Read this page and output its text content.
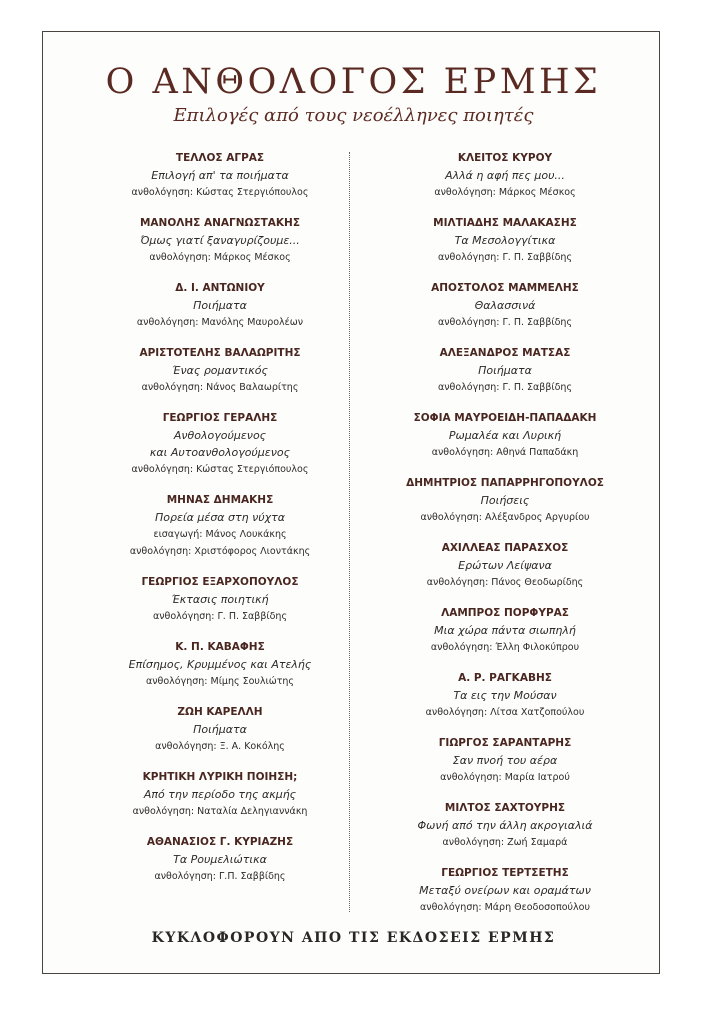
Ο ΑΝΘΟΛΟΓΟΣ ΕΡΜΗΣ
Επιλογές από τους νεοέλληνες ποιητές
ΤΕΛΛΟΣ ΑΓΡΑΣ
Επιλογή απ' τα ποιήματα
ανθολόγηση: Κώστας Στεργιόπουλος
ΜΑΝΟΛΗΣ ΑΝΑΓΝΩΣΤΑΚΗΣ
Όμως γιατί ξαναγυρίζουμε...
ανθολόγηση: Μάρκος Μέσκος
Δ. Ι. ΑΝΤΩΝΙΟΥ
Ποιήματα
ανθολόγηση: Μανόλης Μαυρολέων
ΑΡΙΣΤΟΤΕΛΗΣ ΒΑΛΑΩΡΙΤΗΣ
Ένας ρομαντικός
ανθολόγηση: Νάνος Βαλαωρίτης
ΓΕΩΡΓΙΟΣ ΓΕΡΑΛΗΣ
Ανθολογούμενος
και Αυτοανθολογούμενος
ανθολόγηση: Κώστας Στεργιόπουλος
ΜΗΝΑΣ ΔΗΜΑΚΗΣ
Πορεία μέσα στη νύχτα
εισαγωγή: Μάνος Λουκάκης
ανθολόγηση: Χριστόφορος Λιοντάκης
ΓΕΩΡΓΙΟΣ ΕΞΑΡΧΟΠΟΥΛΟΣ
Έκτασις ποιητική
ανθολόγηση: Γ. Π. Σαββίδης
Κ. Π. ΚΑΒΑΦΗΣ
Επίσημος, Κρυμμένος και Ατελής
ανθολόγηση: Μίμης Σουλιώτης
ΖΩΗ ΚΑΡΕΛΛΗ
Ποιήματα
ανθολόγηση: Ξ. Α. Κοκόλης
ΚΡΗΤΙΚΗ ΛΥΡΙΚΗ ΠΟΙΗΣΗ;
Από την περίοδο της ακμής
ανθολόγηση: Ναταλία Δεληγιαννάκη
ΑΘΑΝΑΣΙΟΣ Γ. ΚΥΡΙΑΖΗΣ
Τα Ρουμελιώτικα
ανθολόγηση: Γ.Π. Σαββίδης
ΚΛΕΙΤΟΣ ΚΥΡΟΥ
Αλλά η αφή πες μου...
ανθολόγηση: Μάρκος Μέσκος
ΜΙΛΤΙΑΔΗΣ ΜΑΛΑΚΑΣΗΣ
Τα Μεσολογγίτικα
ανθολόγηση: Γ. Π. Σαββίδης
ΑΠΟΣΤΟΛΟΣ ΜΑΜΜΕΛΗΣ
Θαλασσινά
ανθολόγηση: Γ. Π. Σαββίδης
ΑΛΕΞΑΝΔΡΟΣ ΜΑΤΣΑΣ
Ποιήματα
ανθολόγηση: Γ. Π. Σαββίδης
ΣΟΦΙΑ ΜΑΥΡΟΕΙΔΗ-ΠΑΠΑΔΑΚΗ
Ρωμαλέα και Λυρική
ανθολόγηση: Αθηνά Παπαδάκη
ΔΗΜΗΤΡΙΟΣ ΠΑΠΑΡΡΗΓΟΠΟΥΛΟΣ
Ποιήσεις
ανθολόγηση: Αλέξανδρος Αργυρίου
ΑΧΙΛΛΕΑΣ ΠΑΡΑΣΧΟΣ
Ερώτων Λείψανα
ανθολόγηση: Πάνος Θεοδωρίδης
ΛΑΜΠΡΟΣ ΠΟΡΦΥΡΑΣ
Μια χώρα πάντα σιωπηλή
ανθολόγηση: Έλλη Φιλοκύπρου
Α. Ρ. ΡΑΓΚΑΒΗΣ
Τα εις την Μούσαν
ανθολόγηση: Λίτσα Χατζοπούλου
ΓΙΩΡΓΟΣ ΣΑΡΑΝΤΑΡΗΣ
Σαν πνοή του αέρα
ανθολόγηση: Μαρία Ιατρού
ΜΙΛΤΟΣ ΣΑΧΤΟΥΡΗΣ
Φωνή από την άλλη ακρογιαλιά
ανθολόγηση: Ζωή Σαμαρά
ΓΕΩΡΓΙΟΣ ΤΕΡΤΣΕΤΗΣ
Μεταξύ ονείρων και οραμάτων
ανθολόγηση: Μάρη Θεοδοσοπούλου
ΚΥΚΛΟΦΟΡΟΥΝ ΑΠΟ ΤΙΣ ΕΚΔΟΣΕΙΣ ΕΡΜΗΣ
